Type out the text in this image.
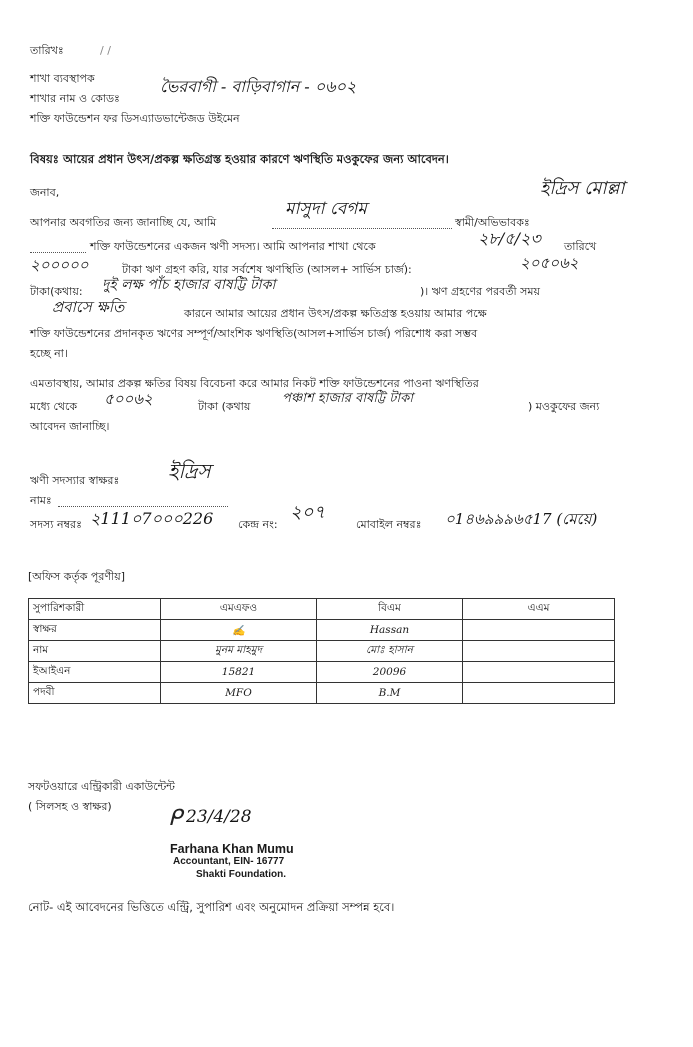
তারিখঃ	/ /
শাখা ব্যবস্থাপক
শাখার নাম ও কোডঃ
ভৈরবাগী - বাড়িবাগান - ০৬০২
শক্তি ফাউন্ডেশন ফর ডিসএ্যাডভান্টেজড উইমেন
বিষয়ঃ আয়ের প্রধান উৎস/প্রকল্প ক্ষতিগ্রস্ত হওয়ার কারণে ঋণস্থিতি মওকুফের জন্য আবেদন।
জনাব,
আপনার অবগতির জন্য জানাচ্ছি যে, আমি
মাসুদা বেগম
স্বামী/অভিভাবকঃ
ইদ্রিস মোল্লা
শক্তি ফাউন্ডেশনের একজন ঋণী সদস্য। আমি আপনার শাখা থেকে	২৮/৫/২৩ তারিখে
২০০০০০	টাকা ঋণ গ্রহণ করি, যার সর্বশেষ ঋণস্থিতি (আসল+ সার্ভিস চার্জ):	২০৫০৬২
টাকা(কথায়: দুই লক্ষ পাঁচ হাজার বাষট্টি টাকা	)। ঋণ গ্রহণের পরবর্তী সময়
প্রবাসে ক্ষতি	কারনে আমার আয়ের প্রধান উৎস/প্রকল্প ক্ষতিগ্রস্ত হওয়ায় আমার পক্ষে
শক্তি ফাউন্ডেশনের প্রদানকৃত ঋণের সম্পূর্ণ/আংশিক ঋণস্থিতি(আসল+সার্ভিস চার্জ) পরিশোধ করা সম্ভব
হচ্ছে না।
এমতাবস্থায়, আমার প্রকল্প ক্ষতির বিষয় বিবেচনা করে আমার নিকট শক্তি ফাউন্ডেশনের পাওনা ঋণস্থিতির
মধ্যে থেকে ৫০০৬২	টাকা (কথায়
পঞ্চাশ হাজার বাষট্টি টাকা
) মওকুফের জন্য
আবেদন জানাচ্ছি।
ঋণী সদস্যার স্বাক্ষরঃ ইদ্রিস
নামঃ
সদস্য নম্বরঃ ২111০7০০০226 কেন্দ্র নং:
২০৭
মোবাইল নম্বরঃ ০1৪৬৯৯৯৬৫17 (মেয়ে)
[অফিস কর্তৃক পূরণীয়]
সুপারিশকারী	এমএফও	বিএম	এএম
স্বাক্ষর	✍	Hassan	
নাম	মুনম মাহমুদ	মোঃ হাসান	
ইআইএন	15821	20096	
পদবী	MFO	B.M	
সফটওয়ারে এন্ট্রিকারী একাউন্টেন্ট
( সিলসহ ও স্বাক্ষর)	ᑭ 23/4/28
Farhana Khan Mumu
Accountant, EIN- 16777
Shakti Foundation.
নোট- এই আবেদনের ভিত্তিতে এন্ট্রি, সুপারিশ এবং অনুমোদন প্রক্রিয়া সম্পন্ন হবে।
